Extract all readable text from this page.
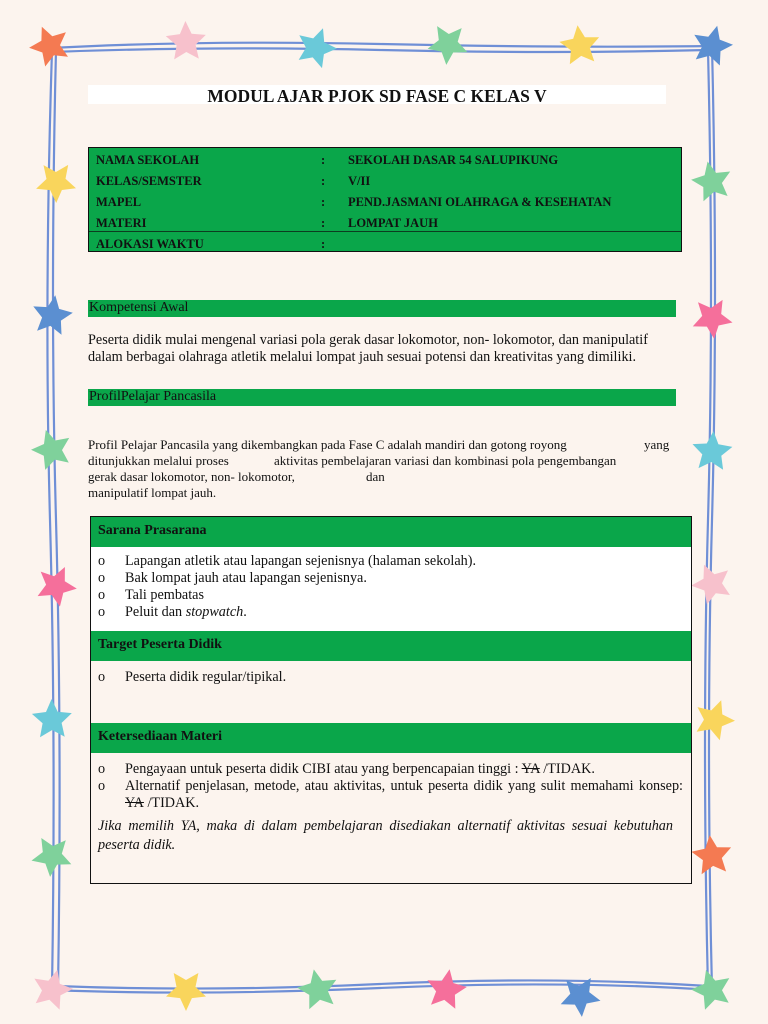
MODUL AJAR PJOK SD FASE C KELAS V
NAMA SEKOLAH	: SEKOLAH DASAR 54 SALUPIKUNG
KELAS/SEMSTER	: V/II
MAPEL	: PEND.JASMANI OLAHRAGA & KESEHATAN
MATERI	: LOMPAT JAUH
ALOKASI WAKTU	:
Kompetensi Awal
Peserta didik mulai mengenal variasi pola gerak dasar lokomotor, non- lokomotor, dan manipulatif dalam berbagai olahraga atletik melalui lompat jauh sesuai potensi dan kreativitas yang dimiliki.
ProfilPelajar Pancasila
Profil Pelajar Pancasila yang dikembangkan pada Fase C adalah mandiri dan gotong royong	yang
ditunjukkan melalui proses	aktivitas pembelajaran variasi dan kombinasi pola pengembangan
gerak dasar lokomotor, non- lokomotor,	dan
manipulatif lompat jauh.
Sarana Prasarana
o Lapangan atletik atau lapangan sejenisnya (halaman sekolah).
o Bak lompat jauh atau lapangan sejenisnya.
o Tali pembatas
o Peluit dan stopwatch.
Target Peserta Didik
o Peserta didik regular/tipikal.
Ketersediaan Materi
o Pengayaan untuk peserta didik CIBI atau yang berpencapaian tinggi : YA /TIDAK.
o Alternatif penjelasan, metode, atau aktivitas, untuk peserta didik yang sulit memahami konsep: YA /TIDAK.
Jika memilih YA, maka di dalam pembelajaran disediakan alternatif aktivitas sesuai kebutuhan peserta didik.
